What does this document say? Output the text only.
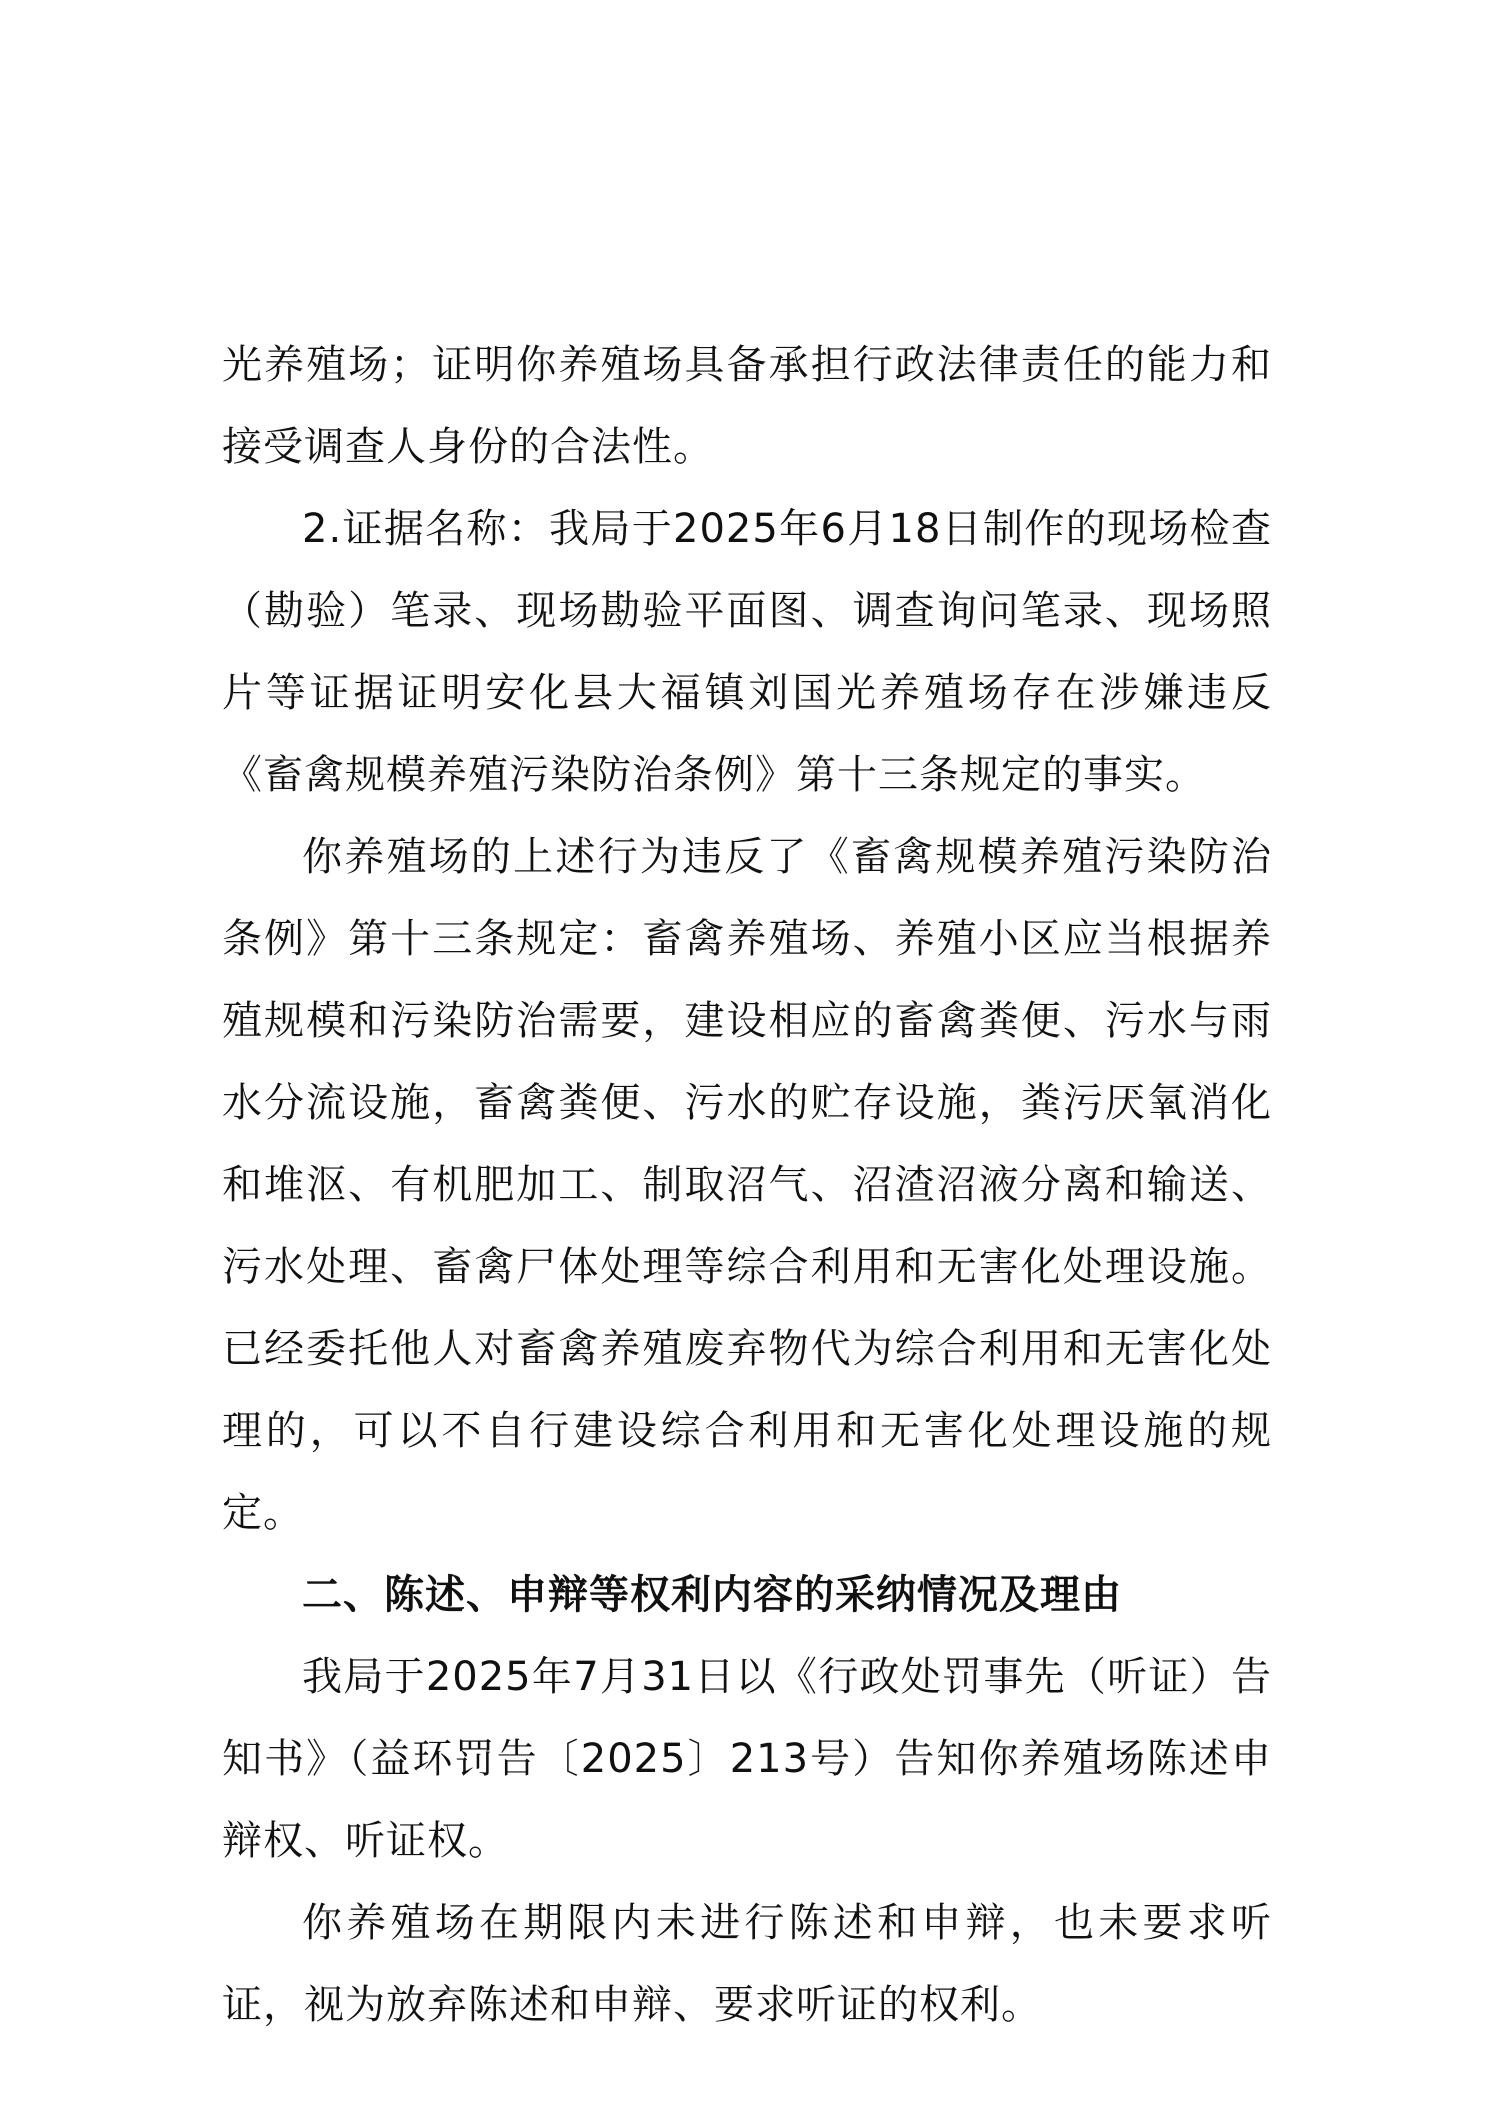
光养殖场；证明你养殖场具备承担行政法律责任的能力和接受调查人身份的合法性。

2.证据名称：我局于2025年6月18日制作的现场检查（勘验）笔录、现场勘验平面图、调查询问笔录、现场照片等证据证明安化县大福镇刘国光养殖场存在涉嫌违反《畜禽规模养殖污染防治条例》第十三条规定的事实。

你养殖场的上述行为违反了《畜禽规模养殖污染防治条例》第十三条规定：畜禽养殖场、养殖小区应当根据养殖规模和污染防治需要，建设相应的畜禽粪便、污水与雨水分流设施，畜禽粪便、污水的贮存设施，粪污厌氧消化和堆沤、有机肥加工、制取沼气、沼渣沼液分离和输送、污水处理、畜禽尸体处理等综合利用和无害化处理设施。已经委托他人对畜禽养殖废弃物代为综合利用和无害化处理的，可以不自行建设综合利用和无害化处理设施的规定。

二、陈述、申辩等权利内容的采纳情况及理由

我局于2025年7月31日以《行政处罚事先（听证）告知书》（益环罚告〔2025〕213号）告知你养殖场陈述申辩权、听证权。

你养殖场在期限内未进行陈述和申辩，也未要求听证，视为放弃陈述和申辩、要求听证的权利。
